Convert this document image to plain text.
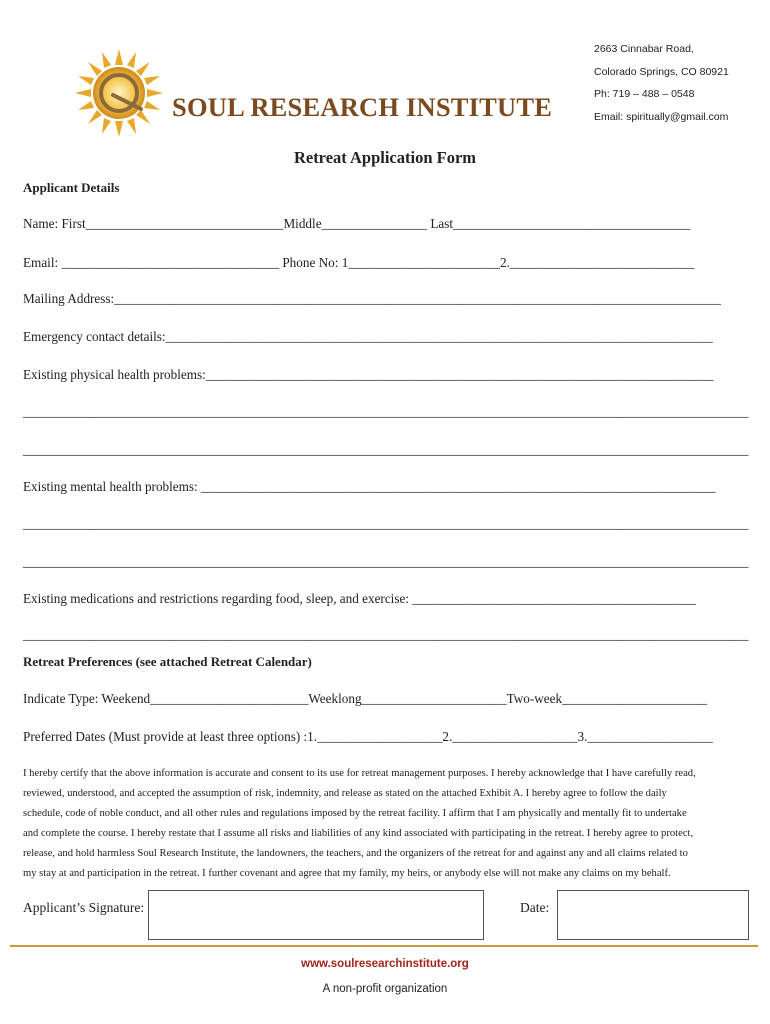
SOUL RESEARCH INSTITUTE
2663 Cinnabar Road,
Colorado Springs, CO 80921
Ph: 719 – 488 – 0548
Email: spiritually@gmail.com
Retreat Application Form
Applicant Details
Name: First______________________________Middle________________ Last____________________________________
Email: _________________________________ Phone No: 1_______________________2.____________________________
Mailing Address:____________________________________________________________________________________________
Emergency contact details:___________________________________________________________________________________
Existing physical health problems:_____________________________________________________________________________
______________________________________________________________________________________________________________
______________________________________________________________________________________________________________
Existing mental health problems: ______________________________________________________________________________
______________________________________________________________________________________________________________
______________________________________________________________________________________________________________
Existing medications and restrictions regarding food, sleep, and exercise: ___________________________________________
______________________________________________________________________________________________________________
Retreat Preferences (see attached Retreat Calendar)
Indicate Type: Weekend________________________Weeklong______________________Two-week______________________
Preferred Dates (Must provide at least three options) :1.___________________2.___________________3.___________________

I hereby certify that the above information is accurate and consent to its use for retreat management purposes. I hereby acknowledge that I have carefully read,

reviewed, understood, and accepted the assumption of risk, indemnity, and release as stated on the attached Exhibit A. I hereby agree to follow the daily

schedule, code of noble conduct, and all other rules and regulations imposed by the retreat facility. I affirm that I am physically and mentally fit to undertake

and complete the course. I hereby restate that I assume all risks and liabilities of any kind associated with participating in the retreat. I hereby agree to protect,

release, and hold harmless Soul Research Institute, the landowners, the teachers, and the organizers of the retreat for and against any and all claims related to

my stay at and participation in the retreat. I further covenant and agree that my family, my heirs, or anybody else will not make any claims on my behalf.

Applicant’s Signature:	Date:
www.soulresearchinstitute.org
A non-profit organization
